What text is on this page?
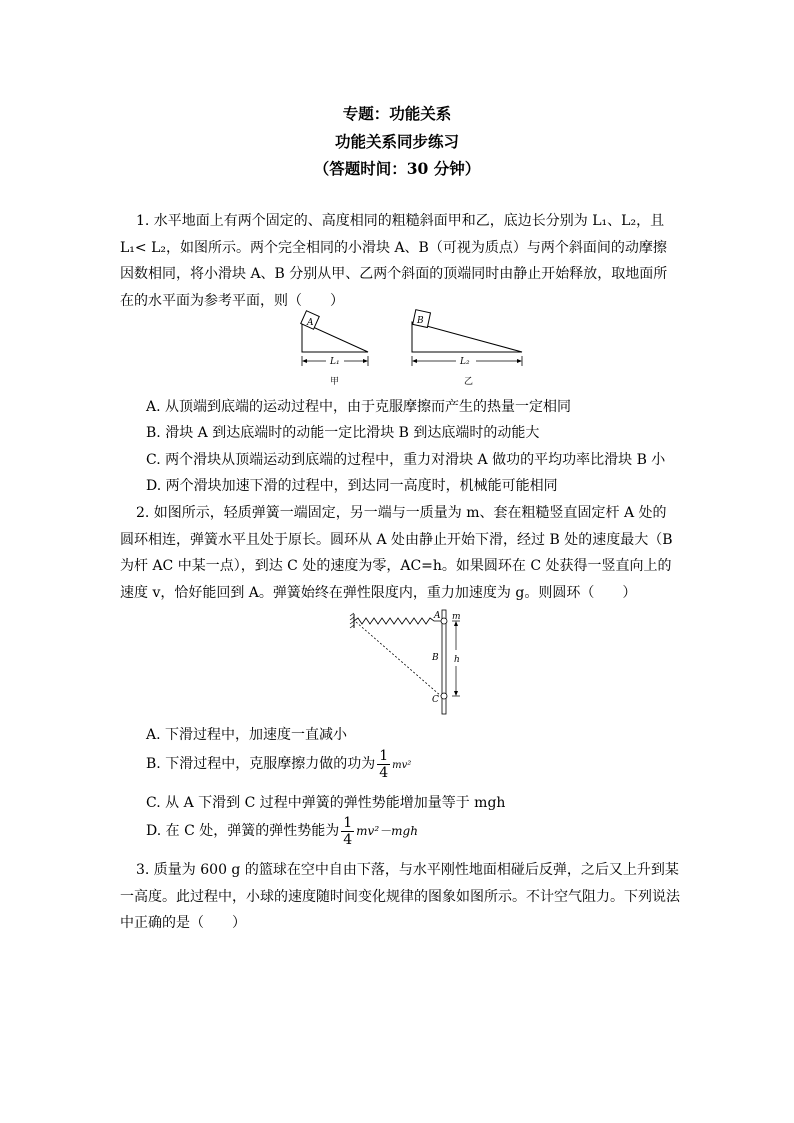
专题：功能关系
功能关系同步练习
（答题时间：30 分钟）
1. 水平地面上有两个固定的、高度相同的粗糙斜面甲和乙，底边长分别为 L₁、L₂，且 L₁< L₂，如图所示。两个完全相同的小滑块 A、B（可视为质点）与两个斜面间的动摩擦因数相同，将小滑块 A、B 分别从甲、乙两个斜面的顶端同时由静止开始释放，取地面所在的水平面为参考平面，则（　　）
A
L₁
甲
B
L₂
乙
A. 从顶端到底端的运动过程中，由于克服摩擦而产生的热量一定相同
B. 滑块 A 到达底端时的动能一定比滑块 B 到达底端时的动能大
C. 两个滑块从顶端运动到底端的过程中，重力对滑块 A 做功的平均功率比滑块 B 小
D. 两个滑块加速下滑的过程中，到达同一高度时，机械能可能相同
2. 如图所示，轻质弹簧一端固定，另一端与一质量为 m、套在粗糙竖直固定杆 A 处的圆环相连，弹簧水平且处于原长。圆环从 A 处由静止开始下滑，经过 B 处的速度最大（B 为杆 AC 中某一点），到达 C 处的速度为零，AC=h。如果圆环在 C 处获得一竖直向上的速度 v，恰好能回到 A。弹簧始终在弹性限度内，重力加速度为 g。则圆环（　　）
h
A m
B
C
A. 下滑过程中，加速度一直减小
B. 下滑过程中，克服摩擦力做的功为 $\frac{1}{4} mv^2$
C. 从 A 下滑到 C 过程中弹簧的弹性势能增加量等于 mgh
D. 在 C 处，弹簧的弹性势能为 $\frac{1}{4} mv^2-mgh$
3. 质量为 600 g 的篮球在空中自由下落，与水平刚性地面相碰后反弹，之后又上升到某一高度。此过程中，小球的速度随时间变化规律的图象如图所示。不计空气阻力。下列说法中正确的是（　　）
